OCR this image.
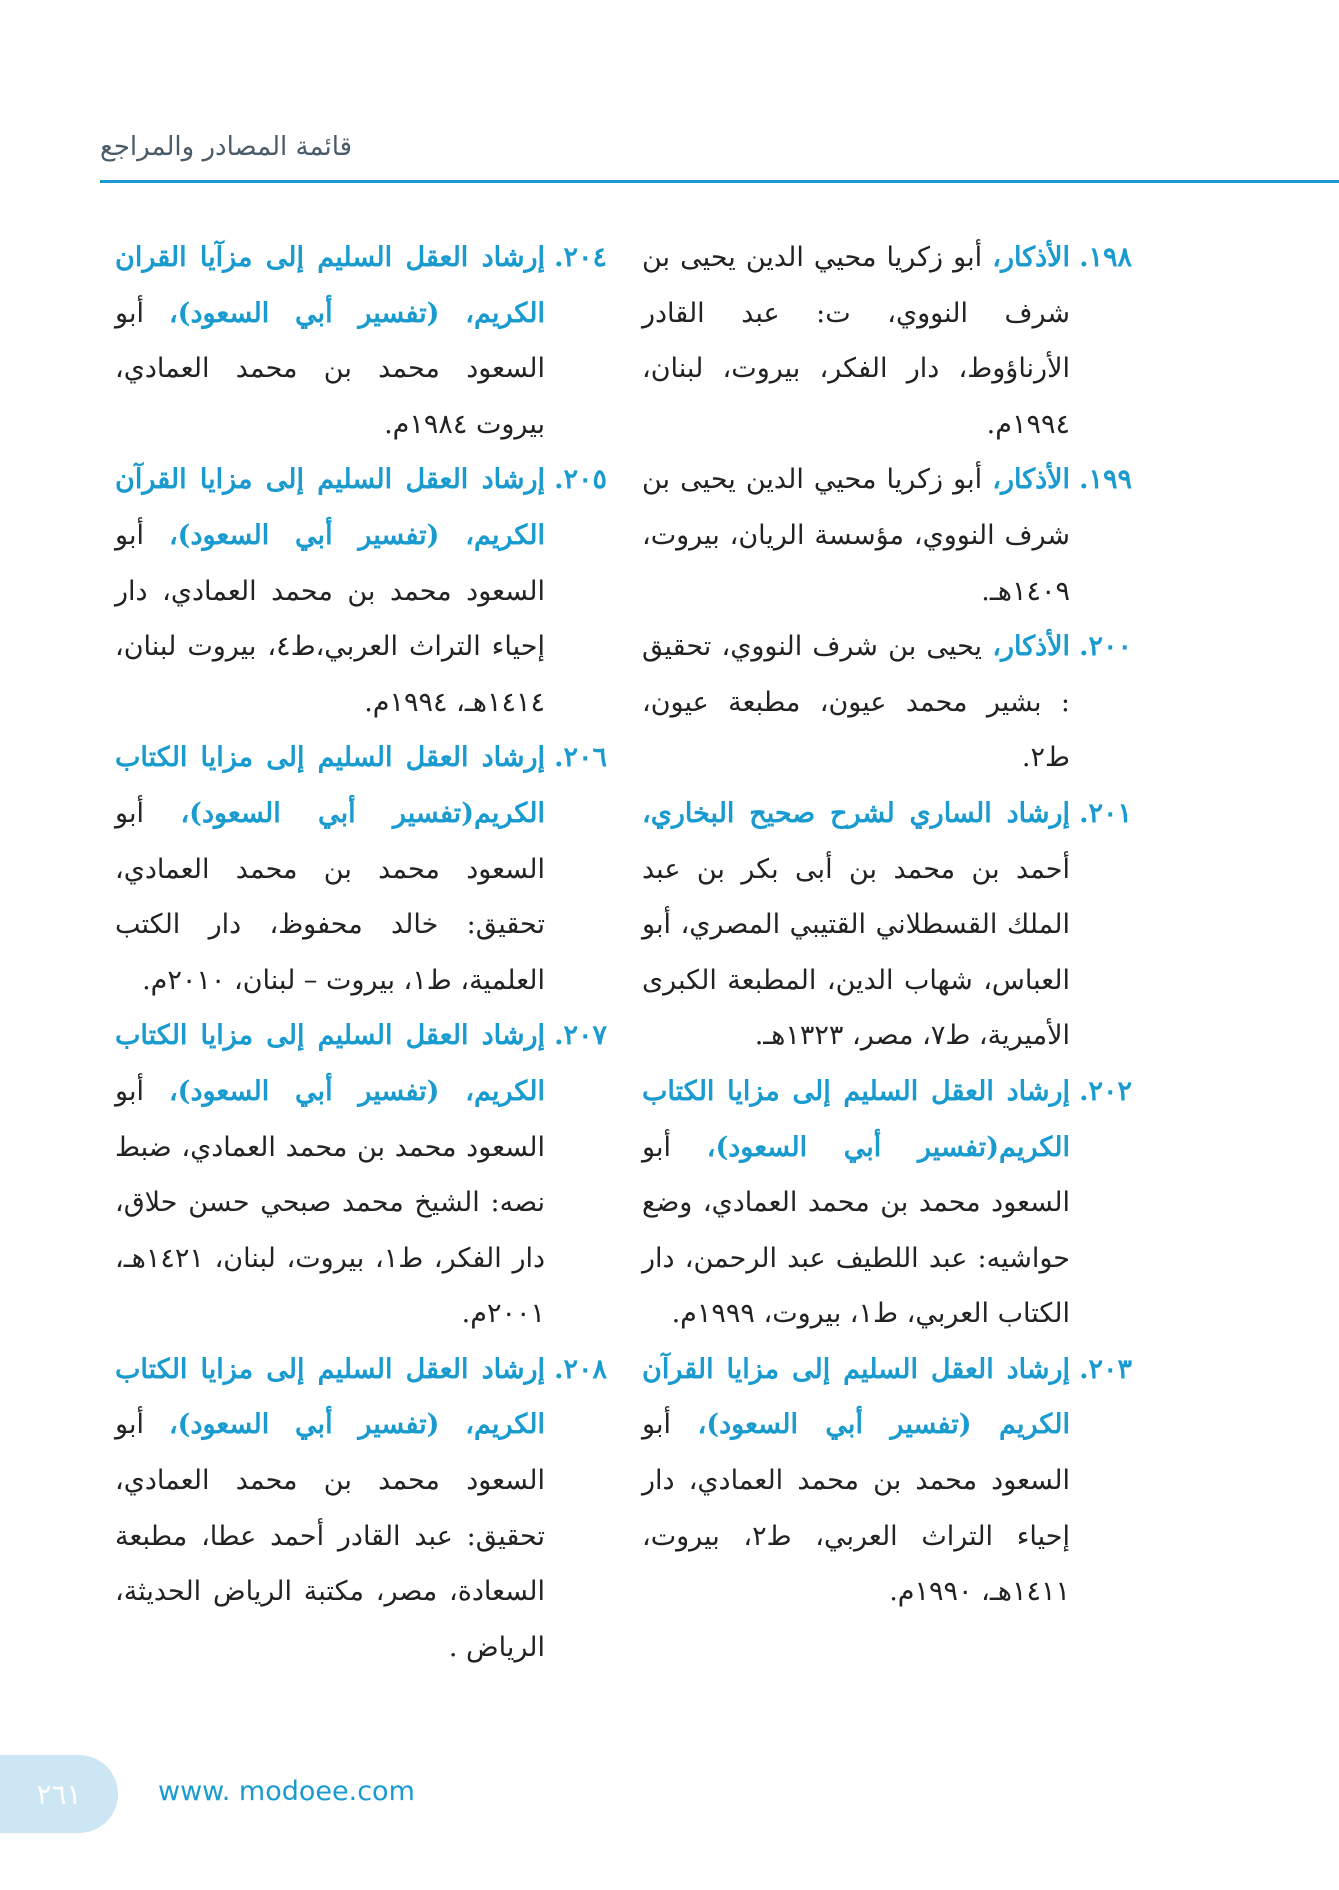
قائمة المصادر والمراجع

١٩٨.
الأذكار، أبو زكريا محيي الدين يحيى بن شرف النووي، ت: عبد القادر الأرناؤوط، دار الفكر، بيروت، لبنان، ١٩٩٤م.

١٩٩.
الأذكار، أبو زكريا محيي الدين يحيى بن شرف النووي، مؤسسة الريان، بيروت، ١٤٠٩هـ.

٢٠٠.
الأذكار، يحيى بن شرف النووي، تحقيق : بشير محمد عيون، مطبعة عيون، ط٢.

٢٠١.
إرشاد الساري لشرح صحيح البخاري، أحمد بن محمد بن أبى بكر بن عبد الملك القسطلاني القتيبي المصري، أبو العباس، شهاب الدين، المطبعة الكبرى الأميرية، ط٧، مصر، ١٣٢٣هـ.

٢٠٢.
إرشاد العقل السليم إلى مزايا الكتاب الكريم(تفسير أبي السعود)، أبو السعود محمد بن محمد العمادي، وضع حواشيه: عبد اللطيف عبد الرحمن، دار الكتاب العربي، ط١، بيروت، ١٩٩٩م.

٢٠٣.
إرشاد العقل السليم إلى مزايا القرآن الكريم (تفسير أبي السعود)، أبو السعود محمد بن محمد العمادي، دار إحياء التراث العربي، ط٢، بيروت، ١٤١١هـ، ١٩٩٠م.

٢٠٤.
إرشاد العقل السليم إلى مزآيا القران الكريم، (تفسير أبي السعود)، أبو السعود محمد بن محمد العمادي، بيروت ١٩٨٤م.

٢٠٥.
إرشاد العقل السليم إلى مزايا القرآن الكريم، (تفسير أبي السعود)، أبو السعود محمد بن محمد العمادي، دار إحياء التراث العربي،ط٤، بيروت لبنان، ١٤١٤هـ، ١٩٩٤م.

٢٠٦.
إرشاد العقل السليم إلى مزايا الكتاب الكريم(تفسير أبي السعود)، أبو السعود محمد بن محمد العمادي، تحقيق: خالد محفوظ، دار الكتب العلمية، ط١، بيروت – لبنان، ٢٠١٠م.

٢٠٧.
إرشاد العقل السليم إلى مزايا الكتاب الكريم، (تفسير أبي السعود)، أبو السعود محمد بن محمد العمادي، ضبط نصه: الشيخ محمد صبحي حسن حلاق، دار الفكر، ط١، بيروت، لبنان، ١٤٢١هـ، ٢٠٠١م.

٢٠٨.
إرشاد العقل السليم إلى مزايا الكتاب الكريم، (تفسير أبي السعود)، أبو السعود محمد بن محمد العمادي، تحقيق: عبد القادر أحمد عطا، مطبعة السعادة، مصر، مكتبة الرياض الحديثة، الرياض .

٢٦١	www. modoee.com
